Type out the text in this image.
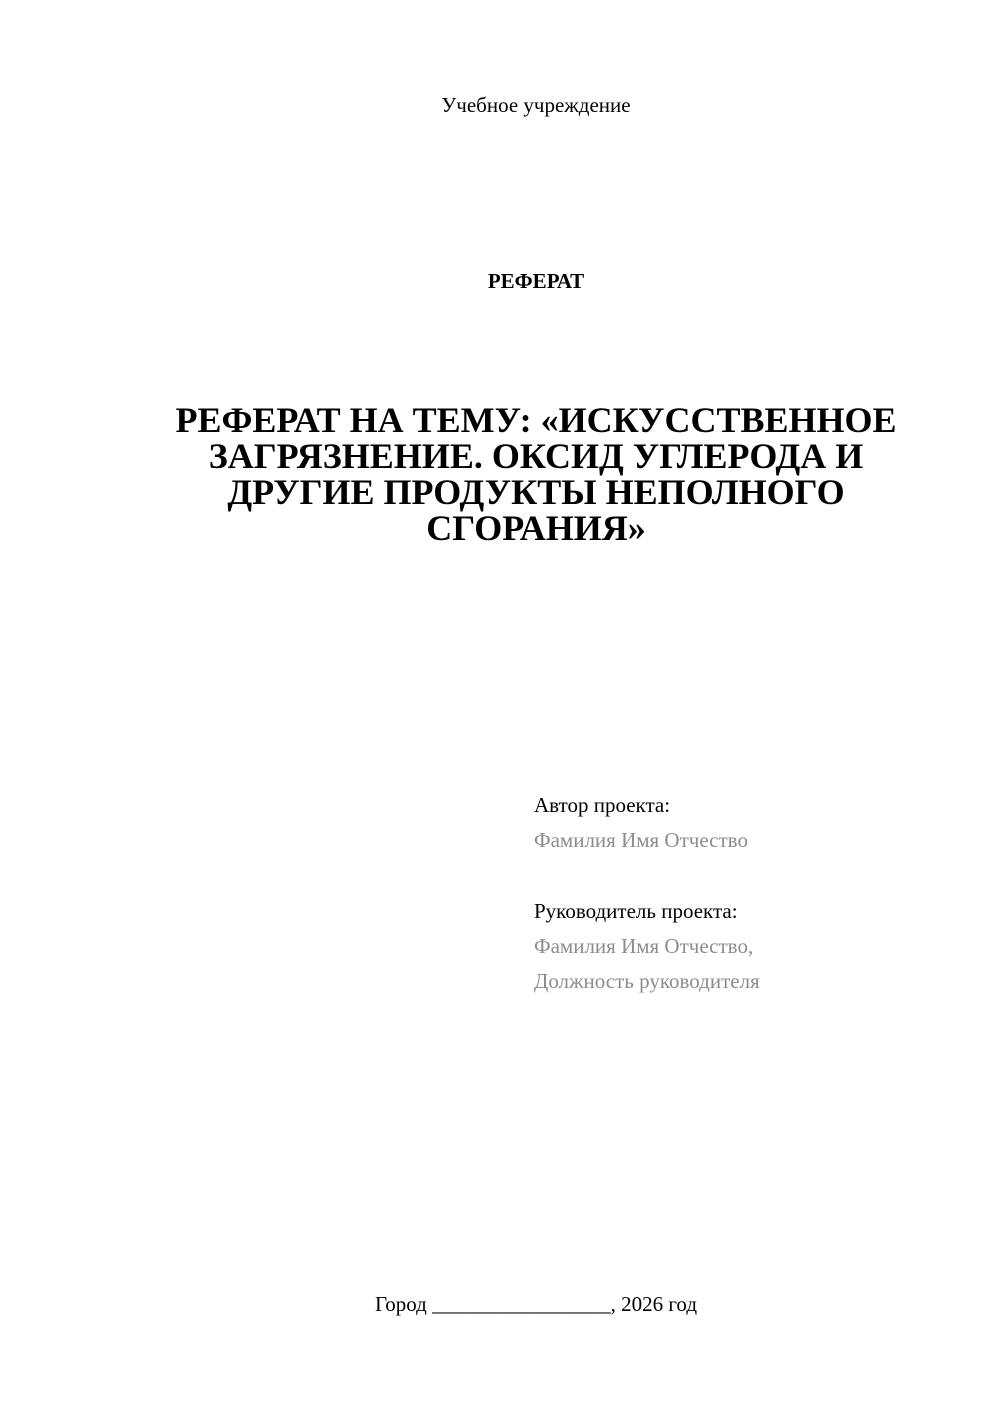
Учебное учреждение
РЕФЕРАТ
РЕФЕРАТ НА ТЕМУ: «ИСКУССТВЕННОЕ
ЗАГРЯЗНЕНИЕ. ОКСИД УГЛЕРОДА И
ДРУГИЕ ПРОДУКТЫ НЕПОЛНОГО
СГОРАНИЯ»
Автор проекта:
Фамилия Имя Отчество
Руководитель проекта:
Фамилия Имя Отчество,
Должность руководителя
Город _________________, 2026 год
